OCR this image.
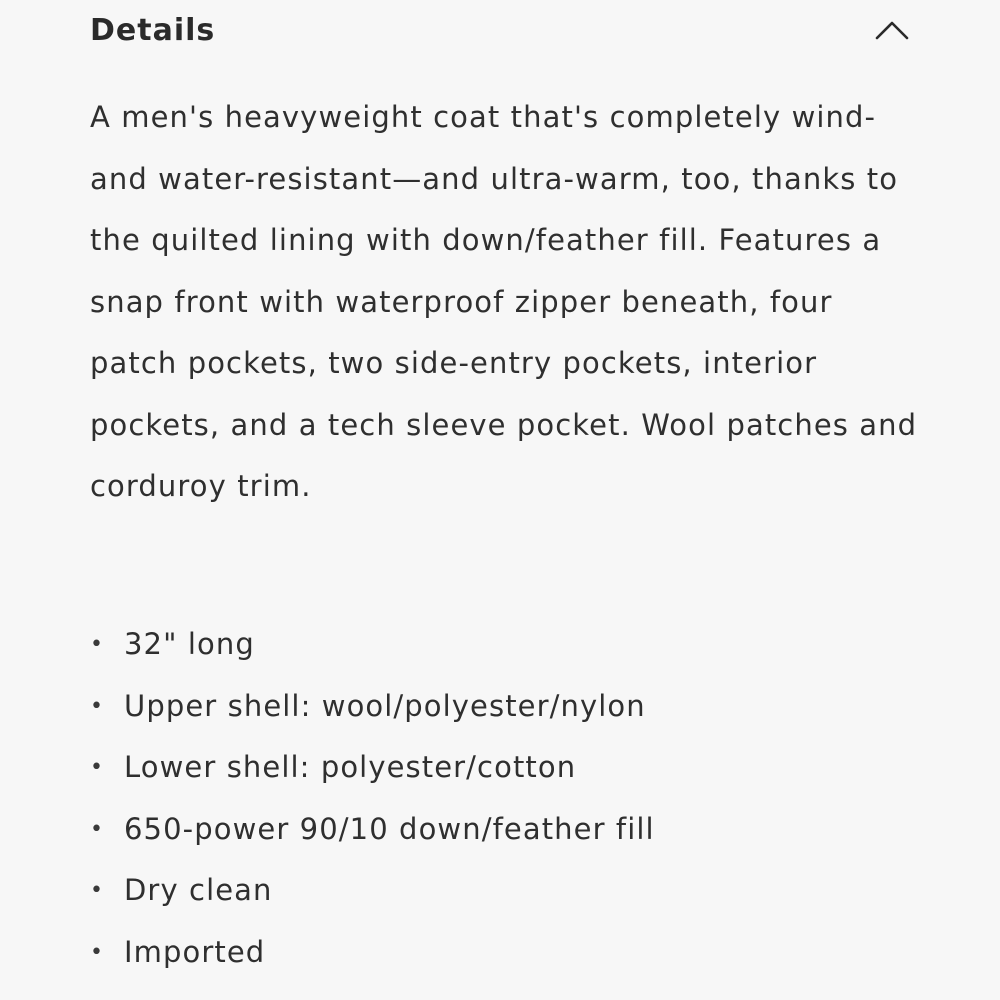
Details

A men's heavyweight coat that's completely wind-and water-resistant—and ultra-warm, too, thanks to the quilted lining with down/feather fill. Features a snap front with waterproof zipper beneath, four patch pockets, two side-entry pockets, interior pockets, and a tech sleeve pocket. Wool patches and corduroy trim.

• 32" long
• Upper shell: wool/polyester/nylon
• Lower shell: polyester/cotton
• 650-power 90/10 down/feather fill
• Dry clean
• Imported
